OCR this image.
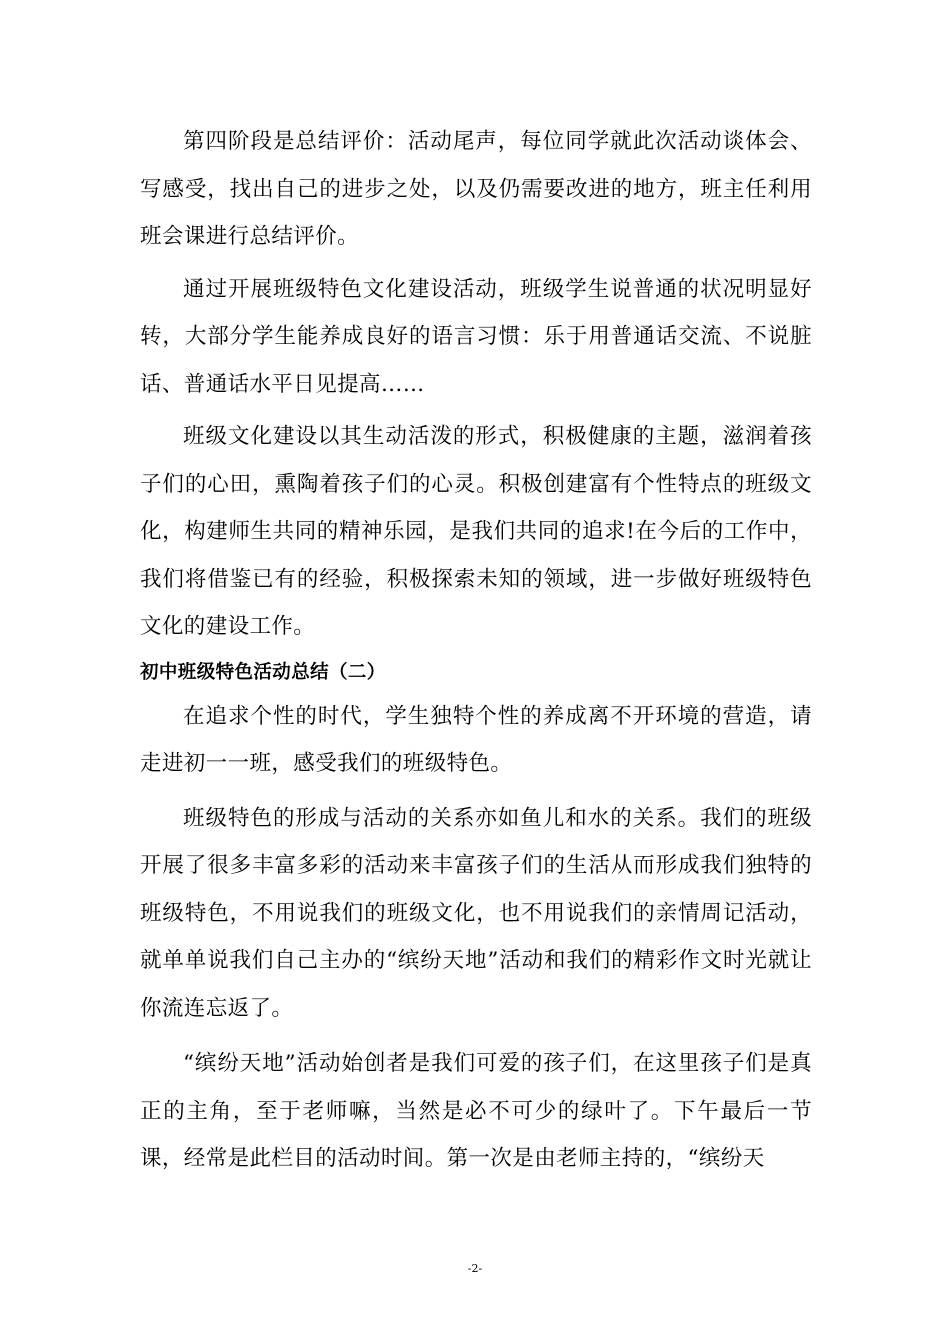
第四阶段是总结评价：活动尾声，每位同学就此次活动谈体会、写感受，找出自己的进步之处，以及仍需要改进的地方，班主任利用班会课进行总结评价。

通过开展班级特色文化建设活动，班级学生说普通的状况明显好转，大部分学生能养成良好的语言习惯：乐于用普通话交流、不说脏话、普通话水平日见提高……

班级文化建设以其生动活泼的形式，积极健康的主题，滋润着孩子们的心田，熏陶着孩子们的心灵。积极创建富有个性特点的班级文化，构建师生共同的精神乐园，是我们共同的追求!在今后的工作中，我们将借鉴已有的经验，积极探索未知的领域，进一步做好班级特色文化的建设工作。

初中班级特色活动总结（二）

在追求个性的时代，学生独特个性的养成离不开环境的营造，请走进初一一班，感受我们的班级特色。

班级特色的形成与活动的关系亦如鱼儿和水的关系。我们的班级开展了很多丰富多彩的活动来丰富孩子们的生活从而形成我们独特的班级特色，不用说我们的班级文化，也不用说我们的亲情周记活动，就单单说我们自己主办的“缤纷天地”活动和我们的精彩作文时光就让你流连忘返了。

“缤纷天地”活动始创者是我们可爱的孩子们，在这里孩子们是真正的主角，至于老师嘛，当然是必不可少的绿叶了。下午最后一节课，经常是此栏目的活动时间。第一次是由老师主持的，“缤纷天

-2-
